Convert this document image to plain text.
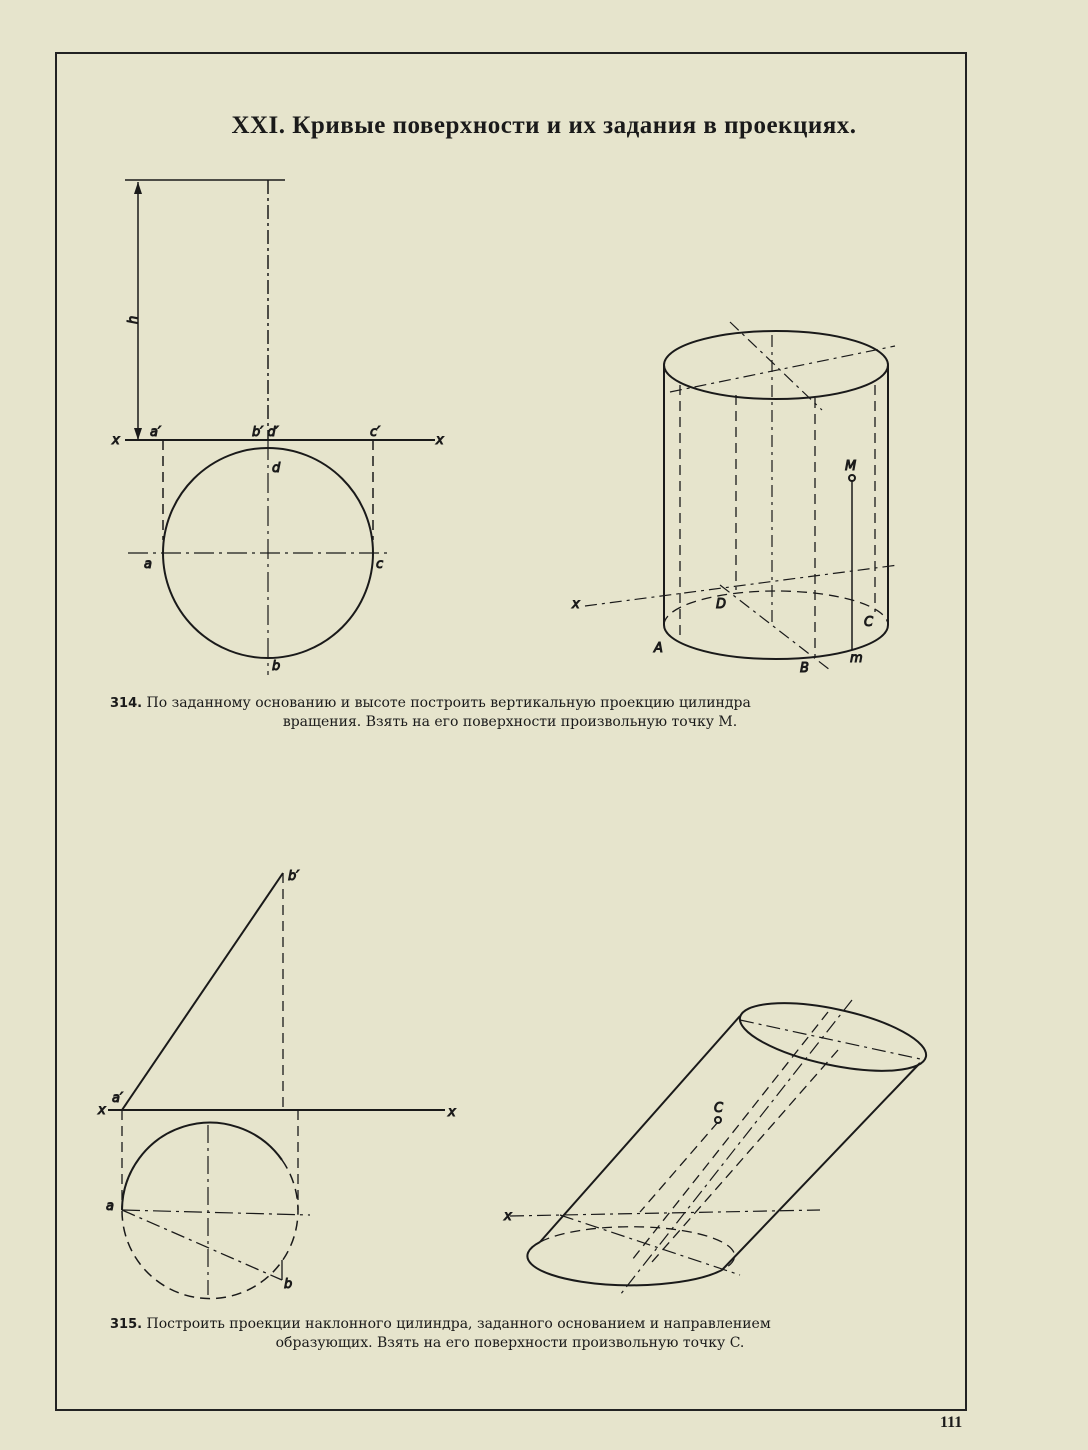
XXI. Кривые поверхности и их задания в проекциях.
h
x	x
a′	b′ d′	c′
d
a	c
b
M
x	D
C
A
B
m
b′
a′
x	x
a
b
C
x
314. По заданному основанию и высоте построить вертикальную проекцию цилиндра
вращения. Взять на его поверхности произвольную точку M.
315. Построить проекции наклонного цилиндра, заданного основанием и направлением
образующих. Взять на его поверхности произвольную точку C.
111
